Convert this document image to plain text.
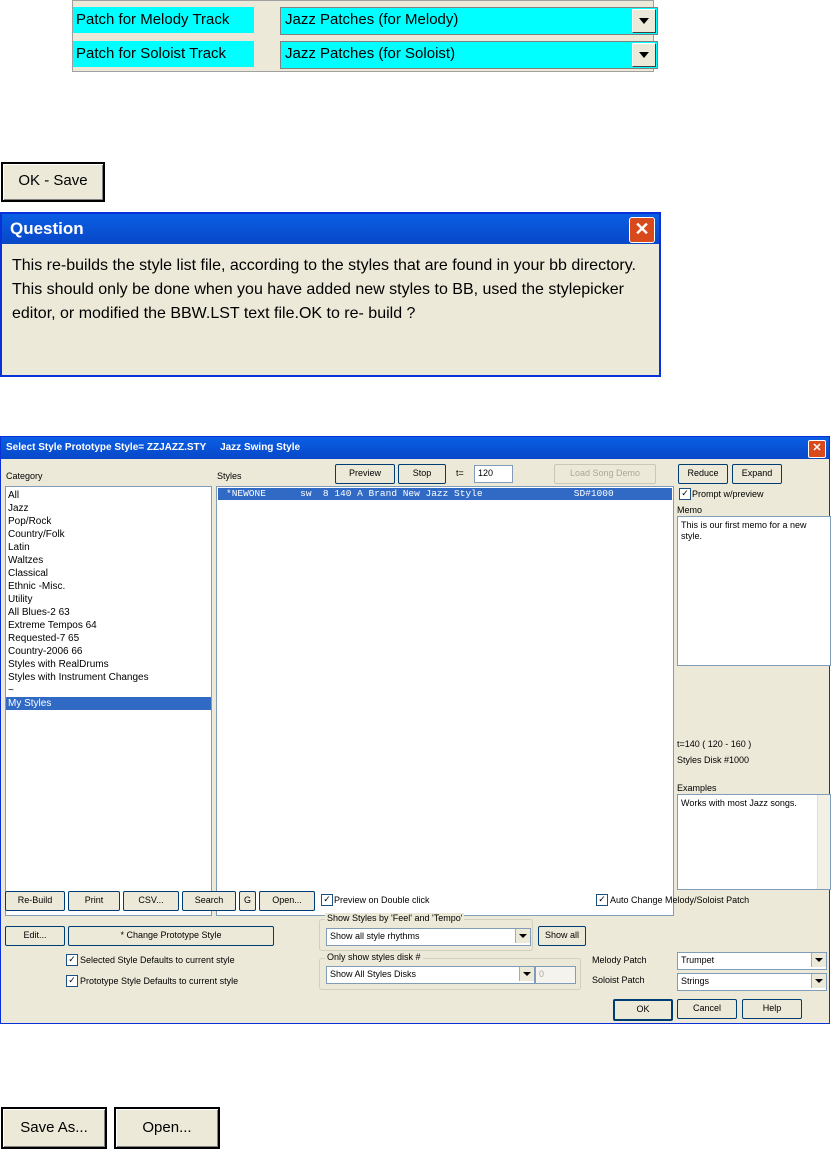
Patch for Melody Track	Jazz Patches (for Melody)
Patch for Soloist Track	Jazz Patches (for Soloist)
OK - Save
Question	✕
This re-builds the style list file, according to the styles that are found in your bb directory. This should only be done when you have added new styles to BB, used the stylepicker editor, or modified the BBW.LST text file.OK to re- build ?
Select Style Prototype Style= ZZJAZZ.STY Jazz Swing Style	✕
Category
All
Jazz
Pop/Rock
Country/Folk
Latin
Waltzes
Classical
Ethnic -Misc.
Utility
All Blues-2 63
Extreme Tempos 64
Requested-7 65
Country-2006 66
Styles with RealDrums
Styles with Instrument Changes
~
My Styles
Styles	Preview	Stop	t=	120	Load Song Demo	Reduce	Expand
*NEWONE      sw  8 140 A Brand New Jazz Style                SD#1000	✓ Prompt w/preview
Memo
This is our first memo for a new style.
t=140 ( 120 - 160 )
Styles Disk #1000
Examples
Works with most Jazz songs.
Re-Build	Print	CSV...	Search	G	Open...	✓ Preview on Double click	✓ Auto Change Melody/Soloist Patch
Edit...	* Change Prototype Style
Show Styles by 'Feel' and 'Tempo'
Show all style rhythms	Show all
Only show styles disk #
Show All Styles Disks	0
✓ Selected Style Defaults to current style
✓ Prototype Style Defaults to current style
Melody Patch	Trumpet
Soloist Patch	Strings
OK	Cancel	Help
Save As...	Open...
